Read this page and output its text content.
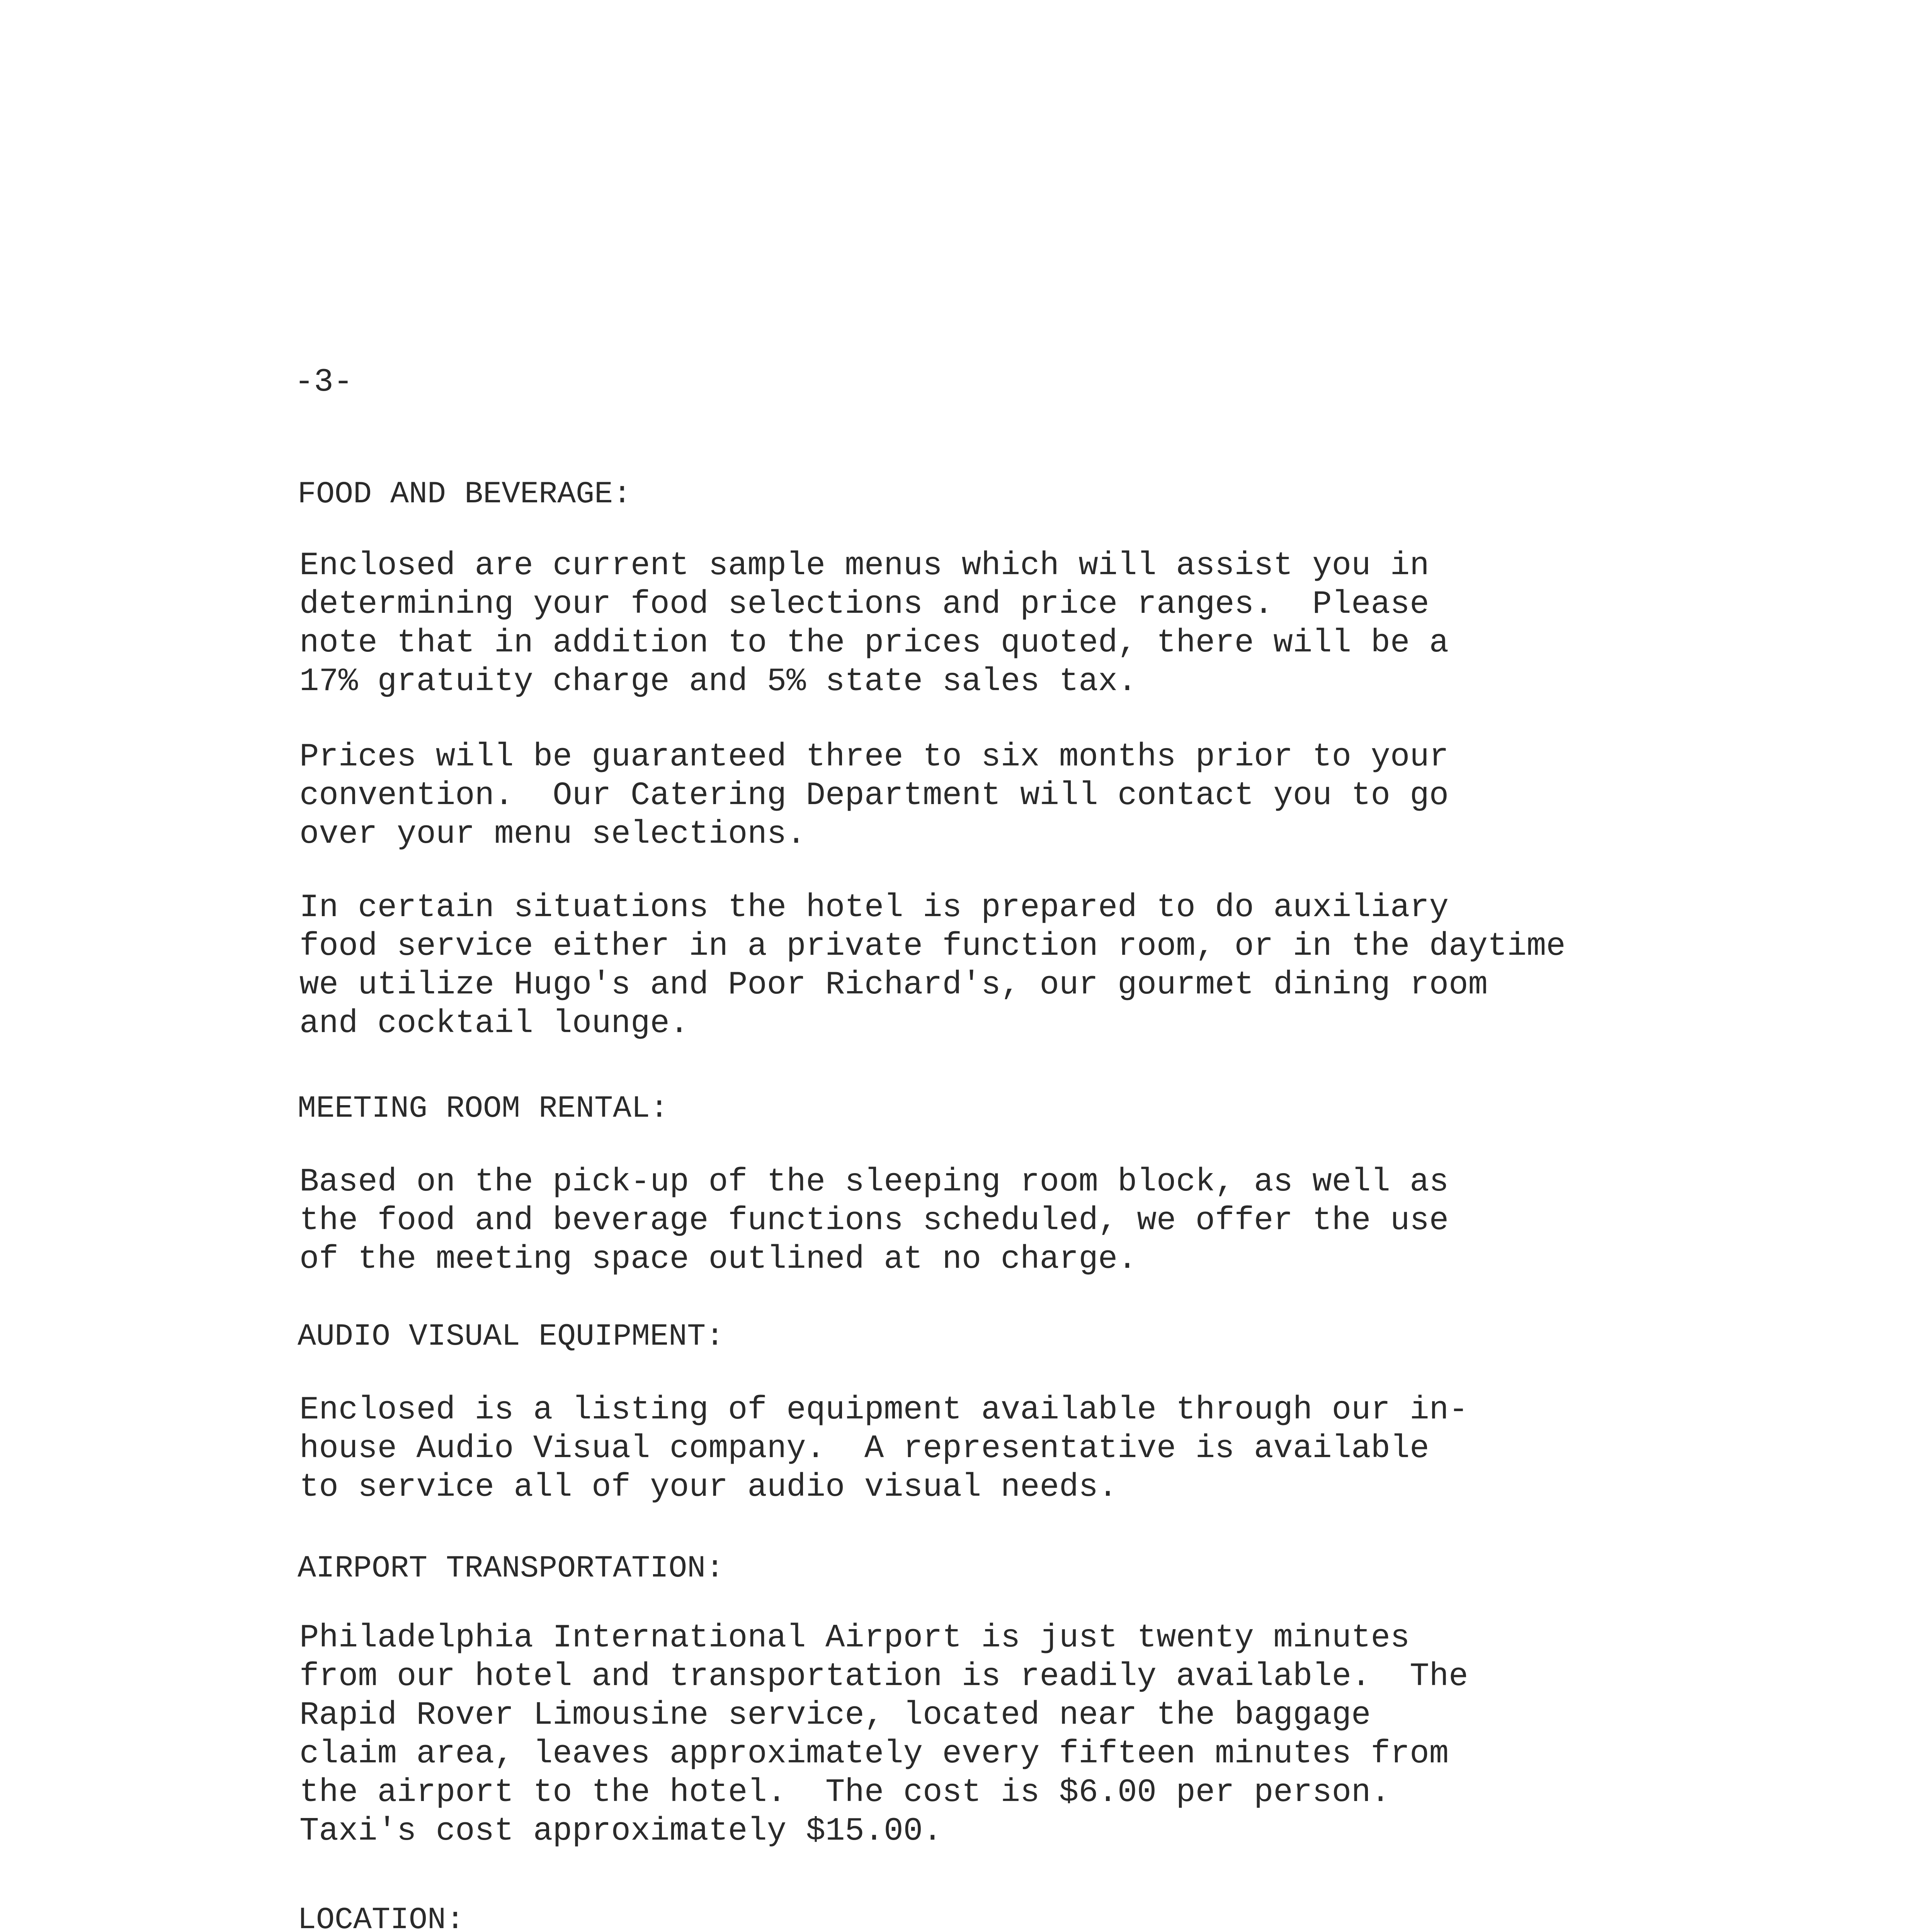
-3-
FOOD AND BEVERAGE:
Enclosed are current sample menus which will assist you in
determining your food selections and price ranges.  Please
note that in addition to the prices quoted, there will be a
17% gratuity charge and 5% state sales tax.
Prices will be guaranteed three to six months prior to your
convention.  Our Catering Department will contact you to go
over your menu selections.
In certain situations the hotel is prepared to do auxiliary
food service either in a private function room, or in the daytime
we utilize Hugo's and Poor Richard's, our gourmet dining room
and cocktail lounge.
MEETING ROOM RENTAL:
Based on the pick-up of the sleeping room block, as well as
the food and beverage functions scheduled, we offer the use
of the meeting space outlined at no charge.
AUDIO VISUAL EQUIPMENT:
Enclosed is a listing of equipment available through our in-
house Audio Visual company.  A representative is available
to service all of your audio visual needs.
AIRPORT TRANSPORTATION:
Philadelphia International Airport is just twenty minutes
from our hotel and transportation is readily available.  The
Rapid Rover Limousine service, located near the baggage
claim area, leaves approximately every fifteen minutes from
the airport to the hotel.  The cost is $6.00 per person.
Taxi's cost approximately $15.00.
LOCATION:
